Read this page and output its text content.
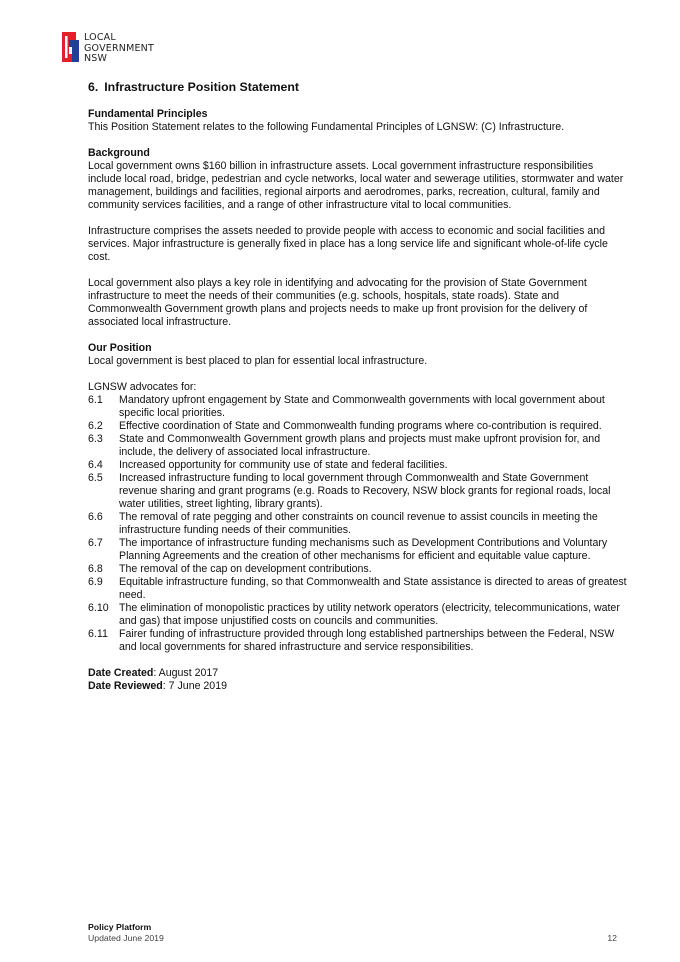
LOCAL
GOVERNMENT
NSW
6. Infrastructure Position Statement
Fundamental Principles
This Position Statement relates to the following Fundamental Principles of LGNSW: (C) Infrastructure.
Background

Local government owns $160 billion in infrastructure assets. Local government infrastructure responsibilities include local road, bridge, pedestrian and cycle networks, local water and sewerage utilities, stormwater and water management, buildings and facilities, regional airports and aerodromes, parks, recreation, cultural, family and community services facilities, and a range of other infrastructure vital to local communities.

Infrastructure comprises the assets needed to provide people with access to economic and social facilities and services. Major infrastructure is generally fixed in place has a long service life and significant whole-of-life cycle cost.

Local government also plays a key role in identifying and advocating for the provision of State Government infrastructure to meet the needs of their communities (e.g. schools, hospitals, state roads). State and Commonwealth Government growth plans and projects needs to make up front provision for the delivery of associated local infrastructure.

Our Position

Local government is best placed to plan for essential local infrastructure.

LGNSW advocates for:
6.1 Mandatory upfront engagement by State and Commonwealth governments with local government about specific local priorities.
6.2 Effective coordination of State and Commonwealth funding programs where co-contribution is required.
6.3 State and Commonwealth Government growth plans and projects must make upfront provision for, and include, the delivery of associated local infrastructure.
6.4 Increased opportunity for community use of state and federal facilities.
6.5 Increased infrastructure funding to local government through Commonwealth and State Government revenue sharing and grant programs (e.g. Roads to Recovery, NSW block grants for regional roads, local water utilities, street lighting, library grants).
6.6 The removal of rate pegging and other constraints on council revenue to assist councils in meeting the infrastructure funding needs of their communities.
6.7 The importance of infrastructure funding mechanisms such as Development Contributions and Voluntary Planning Agreements and the creation of other mechanisms for efficient and equitable value capture.
6.8 The removal of the cap on development contributions.
6.9 Equitable infrastructure funding, so that Commonwealth and State assistance is directed to areas of greatest need.
6.10 The elimination of monopolistic practices by utility network operators (electricity, telecommunications, water and gas) that impose unjustified costs on councils and communities.
6.11 Fairer funding of infrastructure provided through long established partnerships between the Federal, NSW and local governments for shared infrastructure and service responsibilities.
Date Created: August 2017
Date Reviewed: 7 June 2019
Policy Platform
Updated June 2019	12
